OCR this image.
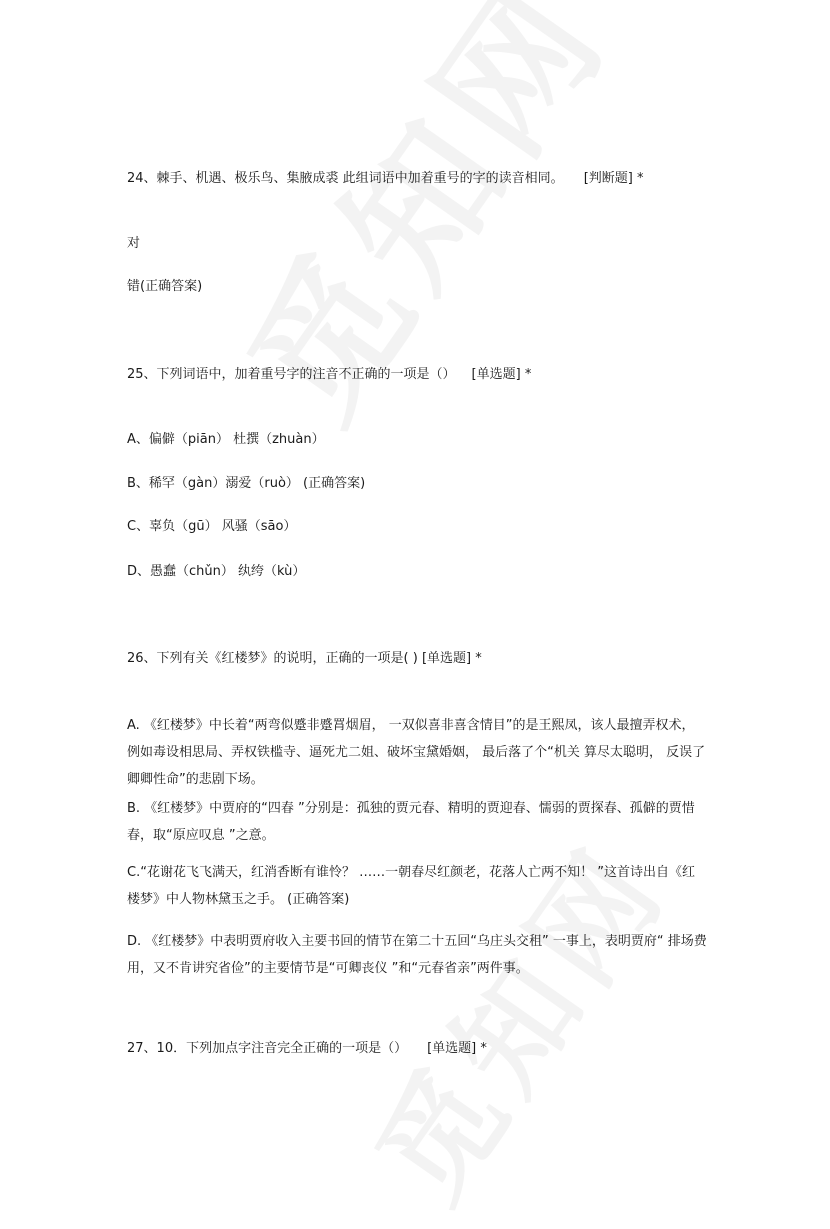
24、棘手、机遇、极乐鸟、集腋成裘 此组词语中加着重号的字的读音相同。 [判断题] *
对
错(正确答案)
25、下列词语中，加着重号字的注音不正确的一项是（） [单选题] *
A、偏僻（piān） 杜撰（zhuàn）
B、稀罕（gàn）溺爱（ruò） (正确答案)
C、辜负（gū） 风骚（sāo）
D、愚蠢（chǔn） 纨绔（kù）
26、下列有关《红楼梦》的说明，正确的一项是( ) [单选题] *
A. 《红楼梦》中长着“两弯似蹙非蹙罥烟眉， 一双似喜非喜含情目”的是王熙凤，该人最擅弄权术， 例如毒设相思局、弄权铁槛寺、逼死尤二姐、破坏宝黛婚姻， 最后落了个“机关 算尽太聪明， 反误了卿卿性命”的悲剧下场。
B. 《红楼梦》中贾府的“四春 ”分别是：孤独的贾元春、精明的贾迎春、懦弱的贾探春、孤僻的贾惜春，取“原应叹息 ”之意。
C.“花谢花飞飞满天，红消香断有谁怜？ ……一朝春尽红颜老，花落人亡两不知！ ”这首诗出自《红楼梦》中人物林黛玉之手。 (正确答案)
D. 《红楼梦》中表明贾府收入主要书回的情节在第二十五回“乌庄头交租” 一事上，表明贾府“ 排场费用，又不肯讲究省俭”的主要情节是“可卿丧仪 ”和“元春省亲”两件事。
27、10．下列加点字注音完全正确的一项是（） [单选题] *
